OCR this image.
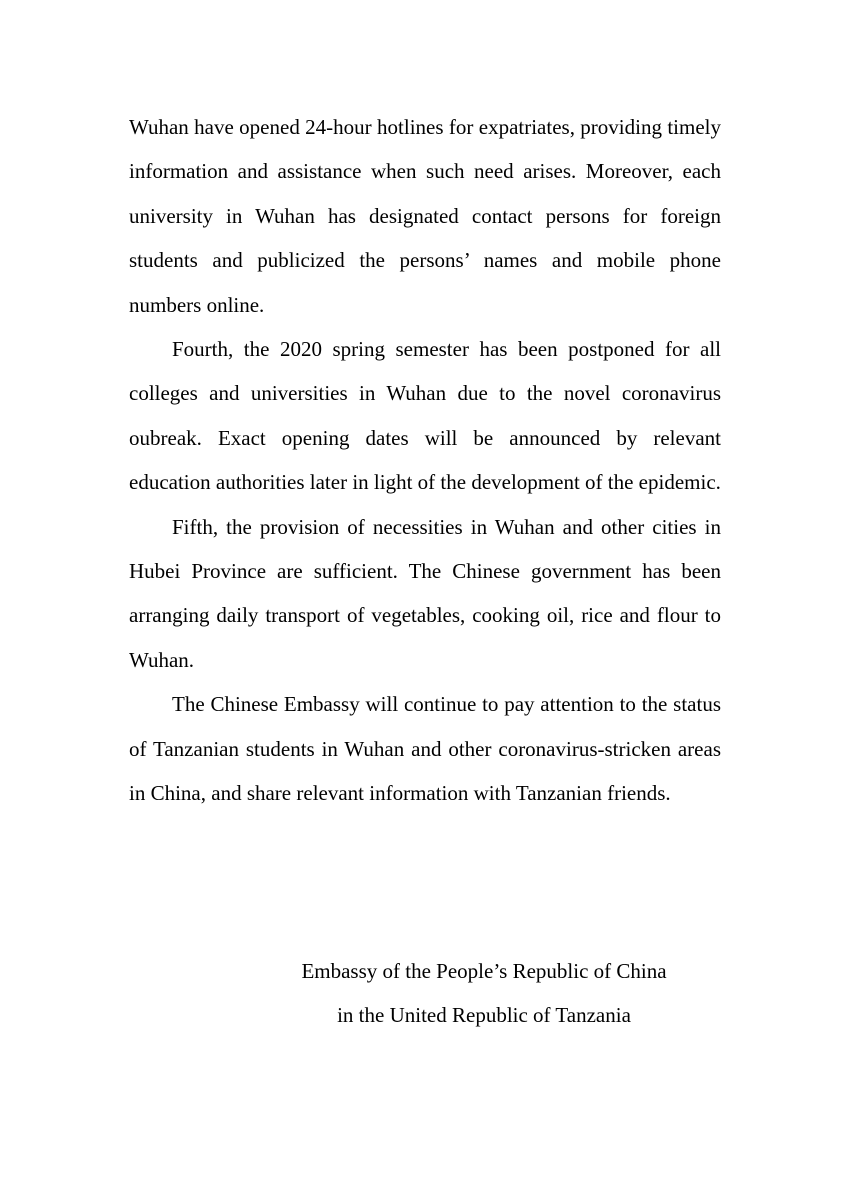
Wuhan have opened 24-hour hotlines for expatriates, providing timely information and assistance when such need arises. Moreover, each university in Wuhan has designated contact persons for foreign students and publicized the persons’ names and mobile phone numbers online.

Fourth, the 2020 spring semester has been postponed for all colleges and universities in Wuhan due to the novel coronavirus oubreak. Exact opening dates will be announced by relevant education authorities later in light of the development of the epidemic.

Fifth, the provision of necessities in Wuhan and other cities in Hubei Province are sufficient. The Chinese government has been arranging daily transport of vegetables, cooking oil, rice and flour to Wuhan.

The Chinese Embassy will continue to pay attention to the status of Tanzanian students in Wuhan and other coronavirus-stricken areas in China, and share relevant information with Tanzanian friends.

Embassy of the People’s Republic of China
in the United Republic of Tanzania
